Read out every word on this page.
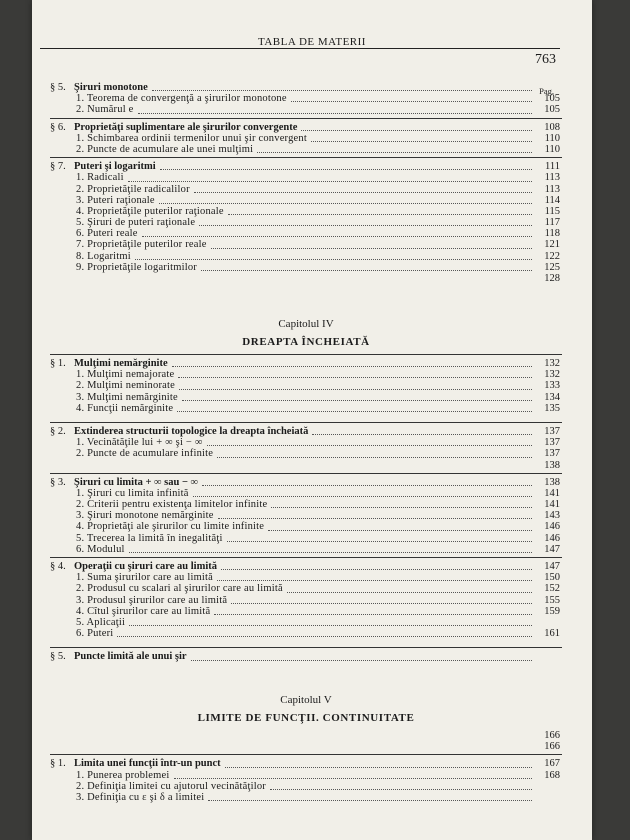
TABLA DE MATERII
763
Pag.
§ 5. Şiruri monotone
1. Teorema de convergenţă a şirurilor monotone	105
2. Numărul e	105
§ 6. Proprietăţi suplimentare ale şirurilor convergente	108
1. Schimbarea ordinii termenilor unui şir convergent	110
2. Puncte de acumulare ale unei mulţimi	110
§ 7. Puteri şi logaritmi	111
1. Radicali	113
2. Proprietăţile radicalilor	113
3. Puteri raţionale	114
4. Proprietăţile puterilor raţionale	115
5. Şiruri de puteri raţionale	117
6. Puteri reale	118
7. Proprietăţile puterilor reale	121
8. Logaritmi	122
9. Proprietăţile logaritmilor	125
128
Capitolul IV
DREAPTA ÎNCHEIATĂ
§ 1. Mulţimi nemărginite	132
1. Mulţimi nemajorate	132
2. Mulţimi neminorate	133
3. Mulţimi nemărginite	134
4. Funcţii nemărginite	135
§ 2. Extinderea structurii topologice la dreapta încheiată	137
1. Vecinătăţile lui + ∞ şi − ∞	137
2. Puncte de acumulare infinite	137
138
§ 3. Şiruri cu limita + ∞ sau − ∞	138
1. Şiruri cu limita infinită	141
2. Criterii pentru existenţa limitelor infinite	141
3. Şiruri monotone nemărginite	143
4. Proprietăţi ale şirurilor cu limite infinite	146
5. Trecerea la limită în inegalităţi	146
6. Modulul	147
§ 4. Operaţii cu şiruri care au limită	147
1. Suma şirurilor care au limită	150
2. Produsul cu scalari al şirurilor care au limită	152
3. Produsul şirurilor care au limită	155
4. Cîtul şirurilor care au limită	159
5. Aplicaţii
6. Puteri	161
§ 5. Puncte limită ale unui şir
Capitolul V
LIMITE DE FUNCŢII. CONTINUITATE
166
166
§ 1. Limita unei funcţii într-un punct	167
1. Punerea problemei	168
2. Definiţia limitei cu ajutorul vecinătăţilor
3. Definiţia cu ε şi δ a limitei
